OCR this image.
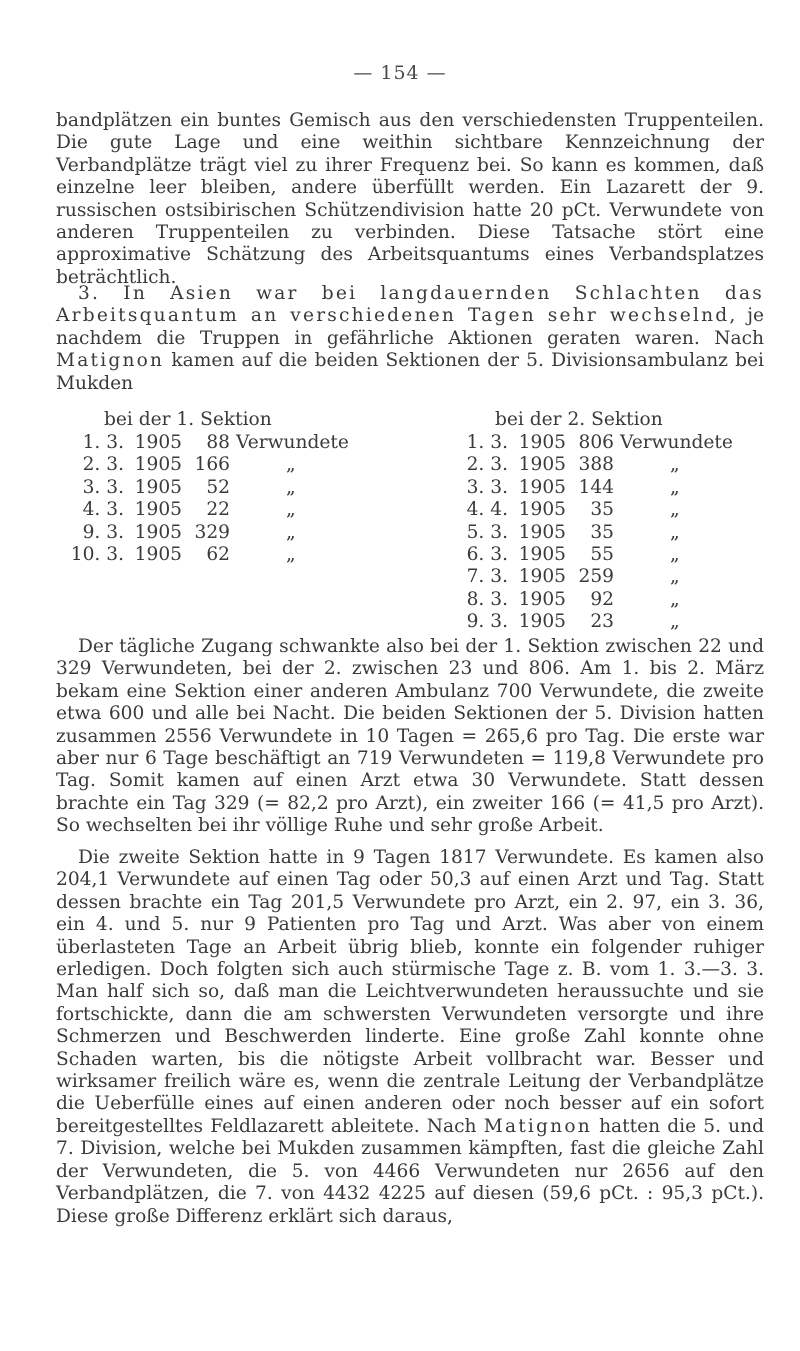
— 154 —

bandplätzen ein buntes Gemisch aus den verschiedensten Truppenteilen. Die gute Lage und eine weithin sichtbare Kennzeichnung der Verbandplätze trägt viel zu ihrer Frequenz bei. So kann es kommen, daß einzelne leer bleiben, andere überfüllt werden. Ein Lazarett der 9. russischen ostsibirischen Schützendivision hatte 20 pCt. Verwundete von anderen Truppenteilen zu verbinden. Diese Tatsache stört eine approximative Schätzung des Arbeitsquantums eines Verbandsplatzes beträchtlich.

3. In Asien war bei langdauernden Schlachten das Arbeitsquantum an verschiedenen Tagen sehr wechselnd, je nachdem die Truppen in gefährliche Aktionen geraten waren. Nach Matignon kamen auf die beiden Sektionen der 5. Divisionsambulanz bei Mukden

bei der 1. Sektion	bei der 2. Sektion
1. 3. 1905	88 Verwundete
2. 3. 1905 166	„
3. 3. 1905	52	„
4. 3. 1905	22	„
9. 3. 1905 329	„
10. 3. 1905	62	„
1. 3. 1905 806 Verwundete
2. 3. 1905 388	„
3. 3. 1905 144	„
4. 4. 1905	35	„
5. 3. 1905	35	„
6. 3. 1905	55	„
7. 3. 1905 259	„
8. 3. 1905	92	„
9. 3. 1905	23	„

Der tägliche Zugang schwankte also bei der 1. Sektion zwischen 22 und 329 Verwundeten, bei der 2. zwischen 23 und 806. Am 1. bis 2. März bekam eine Sektion einer anderen Ambulanz 700 Verwundete, die zweite etwa 600 und alle bei Nacht. Die beiden Sektionen der 5. Division hatten zusammen 2556 Verwundete in 10 Tagen = 265,6 pro Tag. Die erste war aber nur 6 Tage beschäftigt an 719 Verwundeten = 119,8 Verwundete pro Tag. Somit kamen auf einen Arzt etwa 30 Verwundete. Statt dessen brachte ein Tag 329 (= 82,2 pro Arzt), ein zweiter 166 (= 41,5 pro Arzt). So wechselten bei ihr völlige Ruhe und sehr große Arbeit.

Die zweite Sektion hatte in 9 Tagen 1817 Verwundete. Es kamen also 204,1 Verwundete auf einen Tag oder 50,3 auf einen Arzt und Tag. Statt dessen brachte ein Tag 201,5 Verwundete pro Arzt, ein 2. 97, ein 3. 36, ein 4. und 5. nur 9 Patienten pro Tag und Arzt. Was aber von einem überlasteten Tage an Arbeit übrig blieb, konnte ein folgender ruhiger erledigen. Doch folgten sich auch stürmische Tage z. B. vom 1. 3.—3. 3. Man half sich so, daß man die Leichtverwundeten heraussuchte und sie fortschickte, dann die am schwersten Verwundeten versorgte und ihre Schmerzen und Beschwerden linderte. Eine große Zahl konnte ohne Schaden warten, bis die nötigste Arbeit vollbracht war. Besser und wirksamer freilich wäre es, wenn die zentrale Leitung der Verbandplätze die Ueberfülle eines auf einen anderen oder noch besser auf ein sofort bereitgestelltes Feldlazarett ableitete. Nach Matignon hatten die 5. und 7. Division, welche bei Mukden zusammen kämpften, fast die gleiche Zahl der Verwundeten, die 5. von 4466 Verwundeten nur 2656 auf den Verbandplätzen, die 7. von 4432 4225 auf diesen (59,6 pCt. : 95,3 pCt.). Diese große Differenz erklärt sich daraus,
